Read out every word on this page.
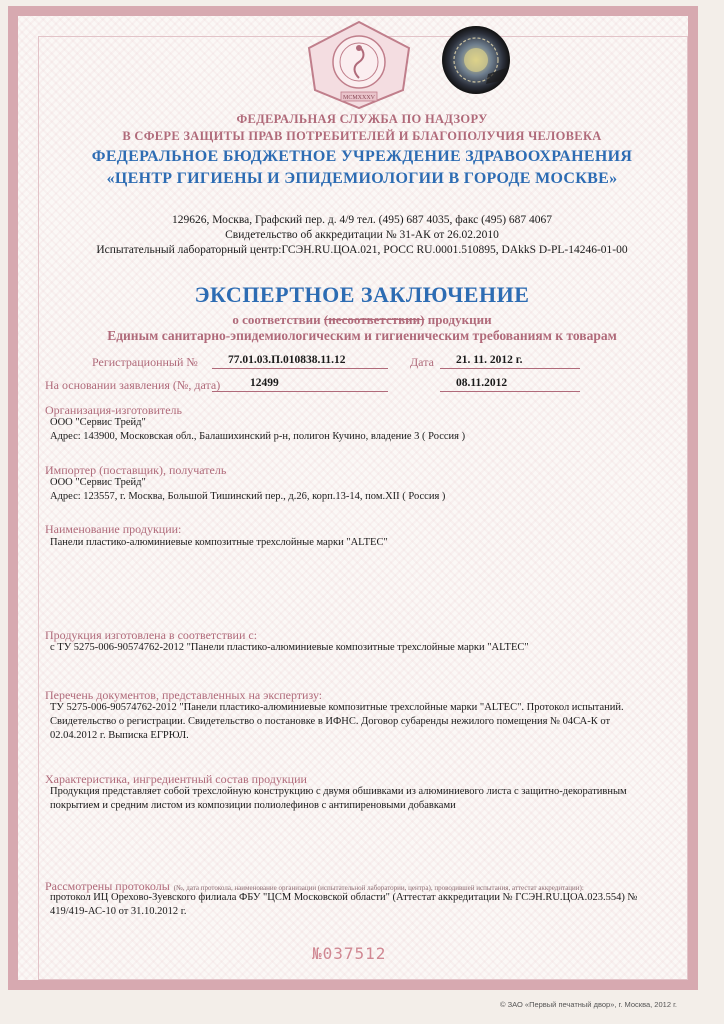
MCMXXXV
ФЕДЕРАЛЬНАЯ СЛУЖБА ПО НАДЗОРУ
В СФЕРЕ ЗАЩИТЫ ПРАВ ПОТРЕБИТЕЛЕЙ И БЛАГОПОЛУЧИЯ ЧЕЛОВЕКА
ФЕДЕРАЛЬНОЕ БЮДЖЕТНОЕ УЧРЕЖДЕНИЕ ЗДРАВООХРАНЕНИЯ
«ЦЕНТР ГИГИЕНЫ И ЭПИДЕМИОЛОГИИ В ГОРОДЕ МОСКВЕ»
129626, Москва, Графский пер. д. 4/9 тел. (495) 687 4035, факс (495) 687 4067
Свидетельство об аккредитации № 31-АК от 26.02.2010
Испытательный лабораторный центр:ГСЭН.RU.ЦОА.021, РОСС RU.0001.510895, DAkkS D-PL-14246-01-00
ЭКСПЕРТНОЕ ЗАКЛЮЧЕНИЕ
о соответствии (несоответствии) продукции
Единым санитарно-эпидемиологическим и гигиеническим требованиям к товарам
Регистрационный №	77.01.03.П.010838.11.12	Дата 21. 11. 2012 г.
На основании заявления (№, дата)	12499	08.11.2012
Организация-изготовитель
ООО "Сервис Трейд"
Адрес: 143900, Московская обл., Балашихинский р-н, полигон Кучино, владение 3 ( Россия )
Импортер (поставщик), получатель
ООО "Сервис Трейд"
Адрес: 123557, г. Москва, Большой Тишинский пер., д.26, корп.13-14, пом.XII ( Россия )
Наименование продукции:
Панели пластико-алюминиевые композитные трехслойные марки "ALTEC"
Продукция изготовлена в соответствии с:
с ТУ 5275-006-90574762-2012 "Панели пластико-алюминиевые композитные трехслойные марки "ALTEC"
Перечень документов, представленных на экспертизу:
ТУ 5275-006-90574762-2012 "Панели пластико-алюминиевые композитные трехслойные марки "ALTEC". Протокол испытаний.
Свидетельство о регистрации. Свидетельство о постановке в ИФНС. Договор субаренды нежилого помещения № 04СА-К от
02.04.2012 г. Выписка ЕГРЮЛ.
Характеристика, ингредиентный состав продукции
Продукция представляет собой трехслойную конструкцию с двумя обшивками из алюминиевого листа с защитно-декоративным
покрытием и средним листом из композиции полиолефинов с антипиреновыми добавками
Рассмотрены протоколы (№, дата протокола, наименование организации (испытательной лаборатории, центра), проводившей испытания, аттестат аккредитации):
протокол ИЦ Орехово-Зуевского филиала ФБУ "ЦСМ Московской области" (Аттестат аккредитации № ГСЭН.RU.ЦОА.023.554) №
419/419-АС-10 от 31.10.2012 г.
№037512
© ЗАО «Первый печатный двор», г. Москва, 2012 г.
